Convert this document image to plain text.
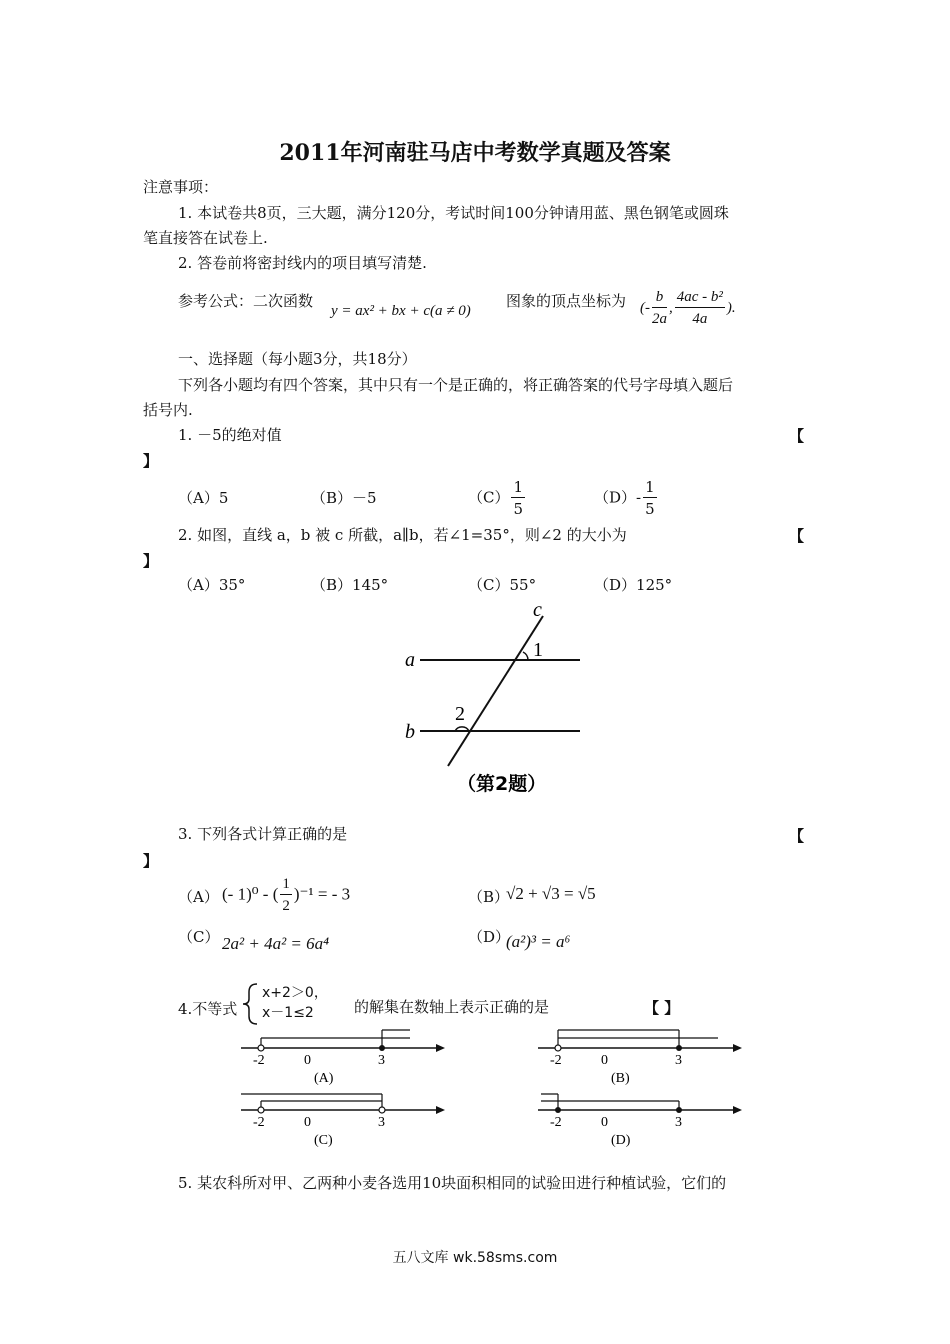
2011年河南驻马店中考数学真题及答案
注意事项：
1. 本试卷共8页，三大题，满分120分，考试时间100分钟请用蓝、黑色钢笔或圆珠
笔直接答在试卷上.
2. 答卷前将密封线内的项目填写清楚.
参考公式：二次函数
y = ax² + bx + c(a ≠ 0)
图象的顶点坐标为 (- $\frac{b}{2a}$ , $\frac{\text{4ac - b²}}{4a}$ ).
一、选择题（每小题3分，共18分）
下列各小题均有四个答案，其中只有一个是正确的，将正确答案的代号字母填入题后
括号内.
1. －5的绝对值	【
】
（A）5	（B）－5	$(C) \frac{1}{5}$	$(D)- \frac{1}{5}$
2. 如图，直线 a，b 被 c 所截，a∥b，若∠1=35°，则∠2 的大小为	【
】
（A）35°	（B）145°	（C）55°	（D）125°
a
b
c
1
2
（第2题）
3. 下列各式计算正确的是	【
】
（A） (- 1)⁰ - ( $\frac{1}{2} )^{-1}$ = - 3	（B）
√2 + √3 = √5
（C） 2a² + 4a² = 6a⁴	（D）
(a²)³ = a⁶
4.不等式
x+2＞0，
x－1≤2	的解集在数轴上表示正确的是	【 】
-2	0	3
(A)
-2	0	3
(B)
-2	0	3
(C)
-2	0	3
(D)
5. 某农科所对甲、乙两种小麦各选用10块面积相同的试验田进行种植试验，它们的
五八文库 wk.58sms.com
